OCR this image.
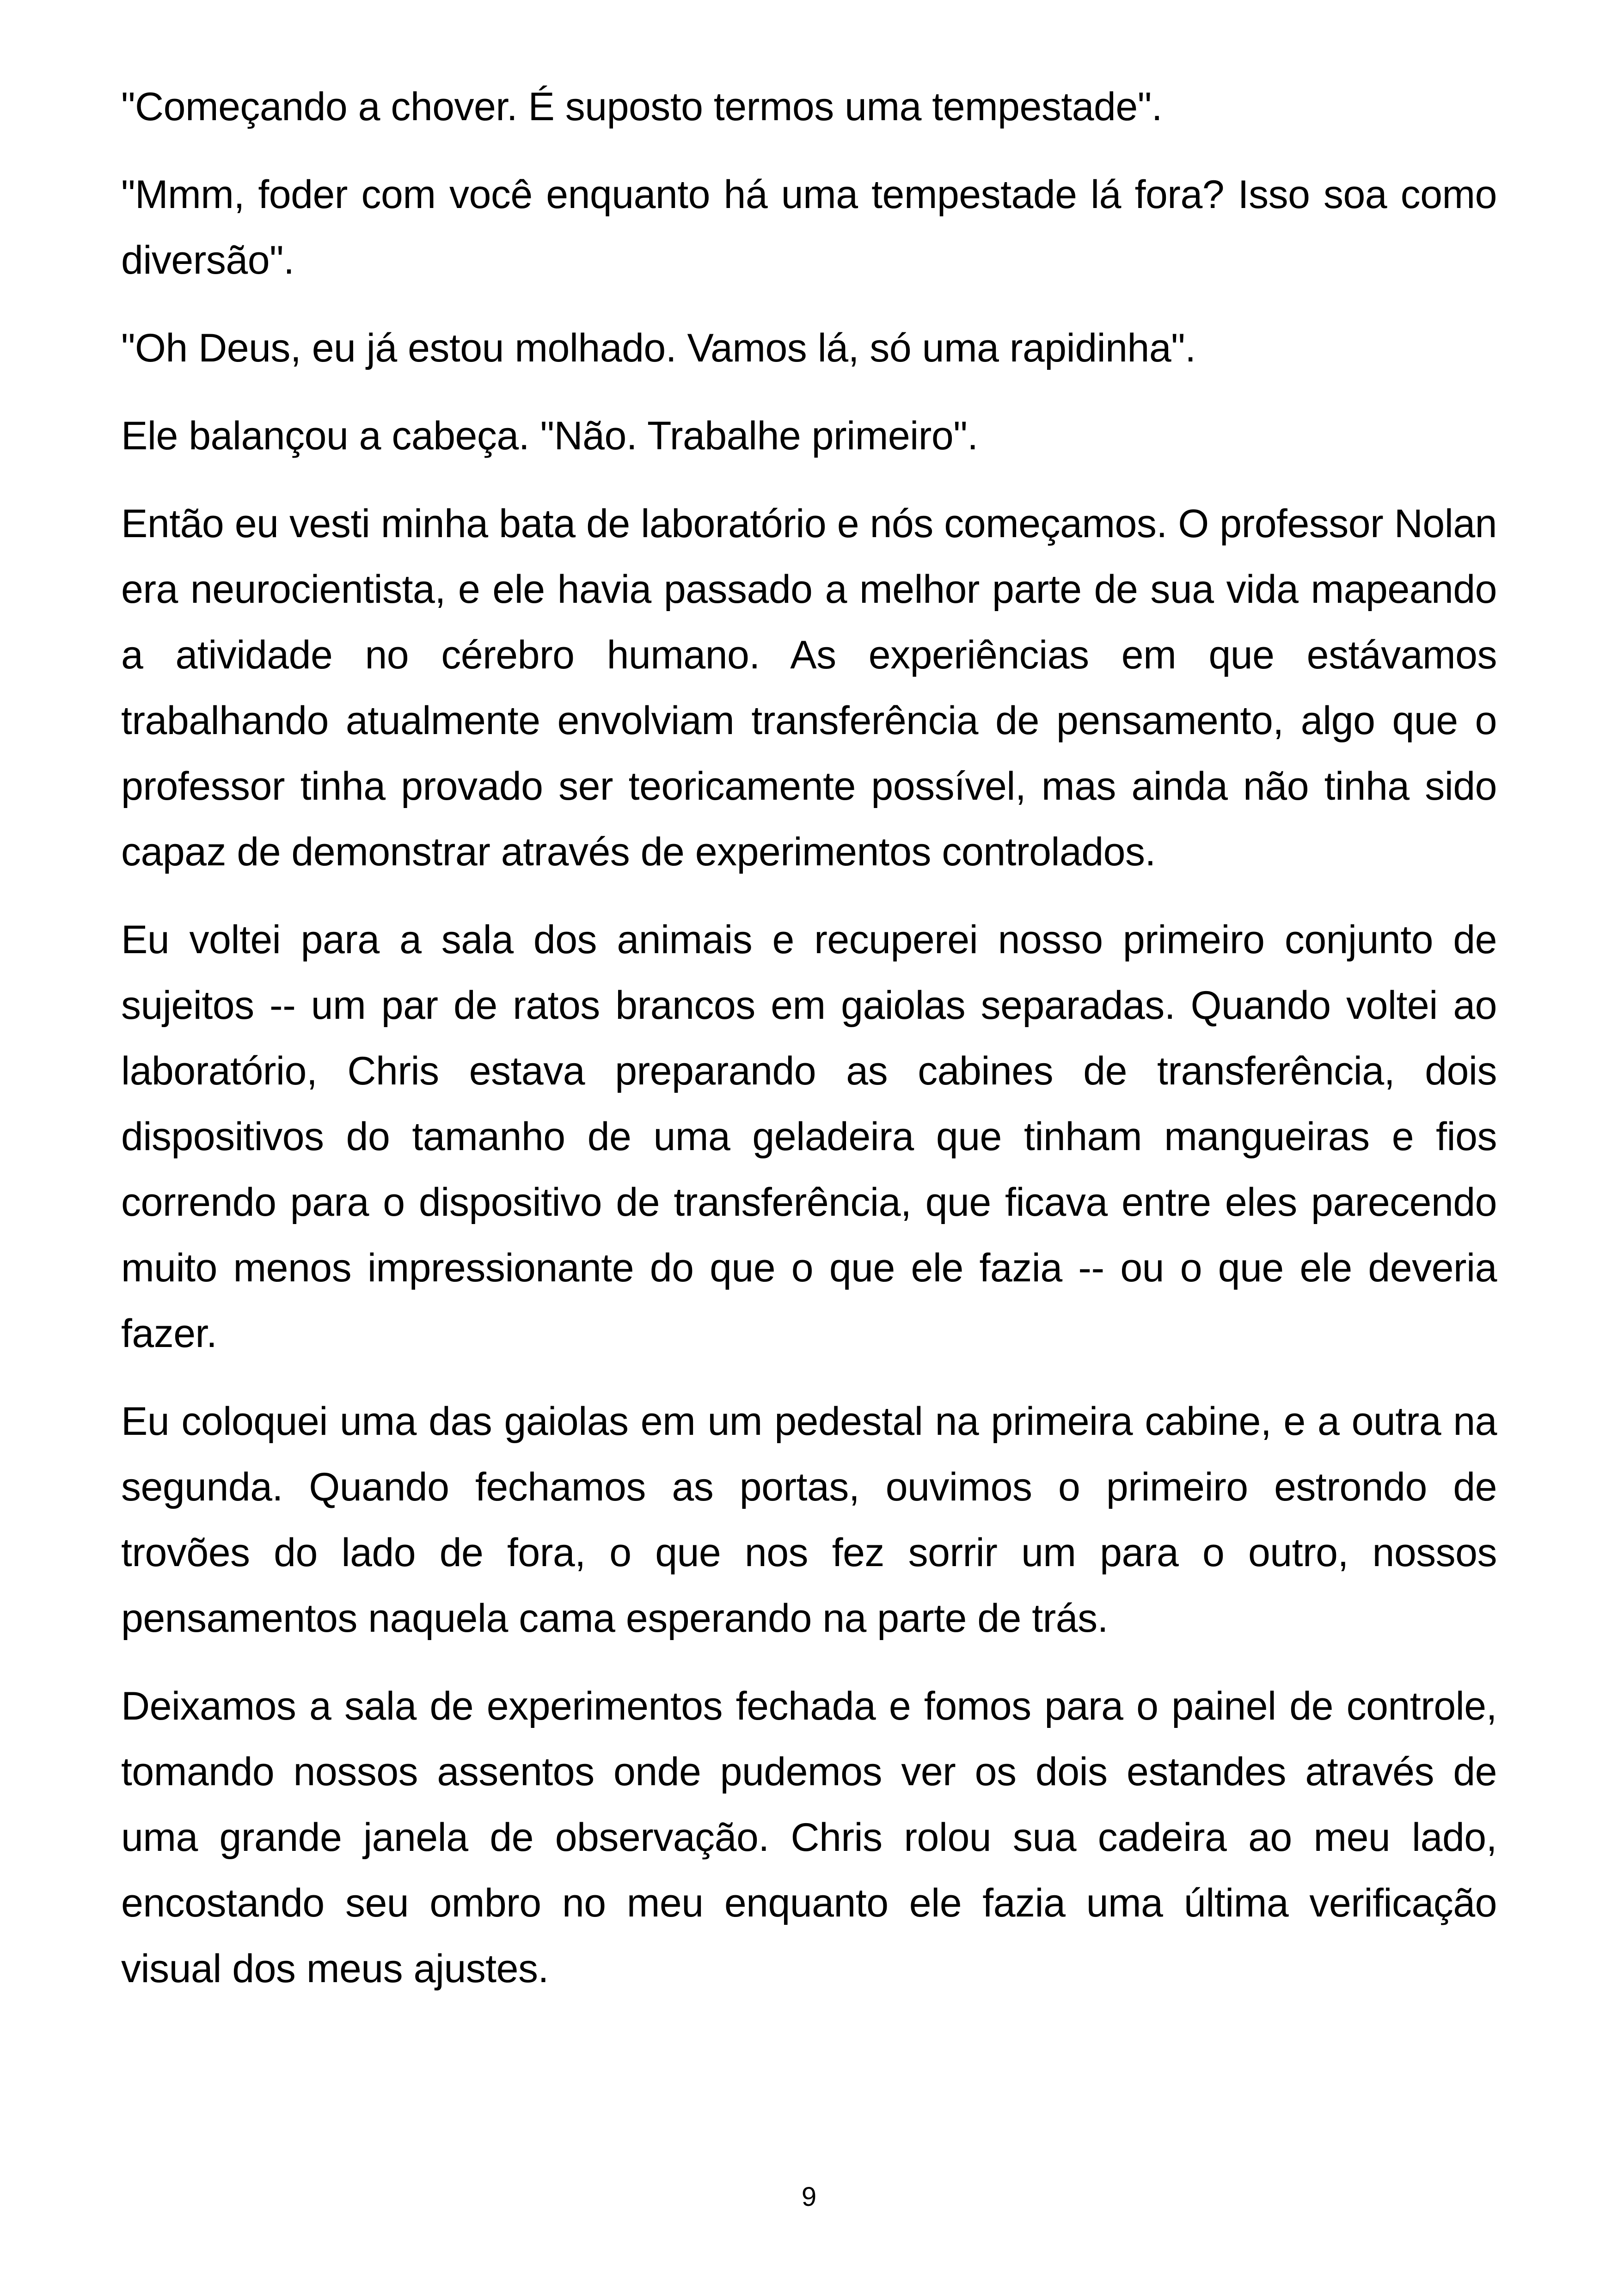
"Começando a chover. É suposto termos uma tempestade".

"Mmm, foder com você enquanto há uma tempestade lá fora? Isso soa como diversão".

"Oh Deus, eu já estou molhado. Vamos lá, só uma rapidinha".

Ele balançou a cabeça. "Não. Trabalhe primeiro".

Então eu vesti minha bata de laboratório e nós começamos. O professor Nolan era neurocientista, e ele havia passado a melhor parte de sua vida mapeando a atividade no cérebro humano. As experiências em que estávamos trabalhando atualmente envolviam transferência de pensamento, algo que o professor tinha provado ser teoricamente possível, mas ainda não tinha sido capaz de demonstrar através de experimentos controlados.

Eu voltei para a sala dos animais e recuperei nosso primeiro conjunto de sujeitos -- um par de ratos brancos em gaiolas separadas. Quando voltei ao laboratório, Chris estava preparando as cabines de transferência, dois dispositivos do tamanho de uma geladeira que tinham mangueiras e fios correndo para o dispositivo de transferência, que ficava entre eles parecendo muito menos impressionante do que o que ele fazia -- ou o que ele deveria fazer.

Eu coloquei uma das gaiolas em um pedestal na primeira cabine, e a outra na segunda. Quando fechamos as portas, ouvimos o primeiro estrondo de trovões do lado de fora, o que nos fez sorrir um para o outro, nossos pensamentos naquela cama esperando na parte de trás.

Deixamos a sala de experimentos fechada e fomos para o painel de controle, tomando nossos assentos onde pudemos ver os dois estandes através de uma grande janela de observação. Chris rolou sua cadeira ao meu lado, encostando seu ombro no meu enquanto ele fazia uma última verificação visual dos meus ajustes.

9
